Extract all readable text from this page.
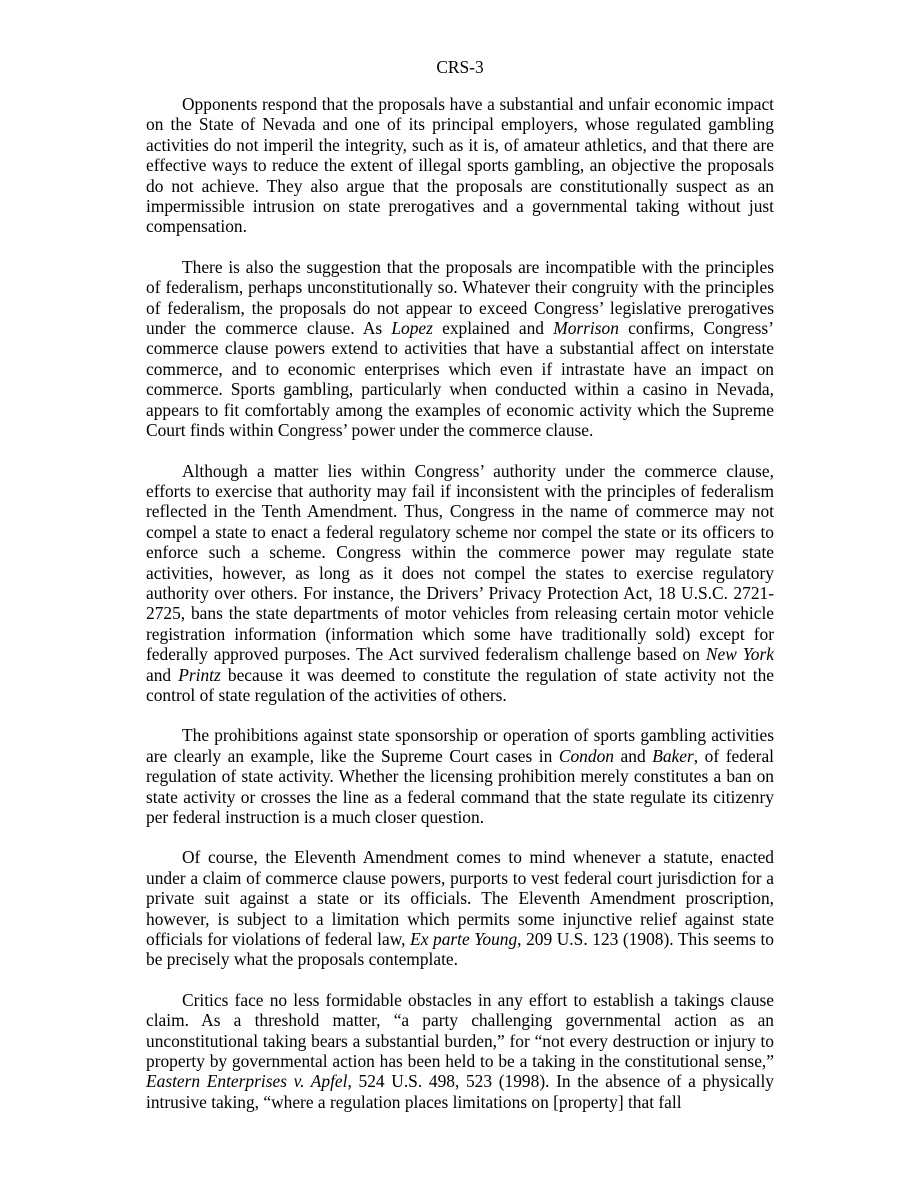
CRS-3

Opponents respond that the proposals have a substantial and unfair economic impact on the State of Nevada and one of its principal employers, whose regulated gambling activities do not imperil the integrity, such as it is, of amateur athletics, and that there are effective ways to reduce the extent of illegal sports gambling, an objective the proposals do not achieve. They also argue that the proposals are constitutionally suspect as an impermissible intrusion on state prerogatives and a governmental taking without just compensation.

There is also the suggestion that the proposals are incompatible with the principles of federalism, perhaps unconstitutionally so. Whatever their congruity with the principles of federalism, the proposals do not appear to exceed Congress’ legislative prerogatives under the commerce clause. As Lopez explained and Morrison confirms, Congress’ commerce clause powers extend to activities that have a substantial affect on interstate commerce, and to economic enterprises which even if intrastate have an impact on commerce. Sports gambling, particularly when conducted within a casino in Nevada, appears to fit comfortably among the examples of economic activity which the Supreme Court finds within Congress’ power under the commerce clause.

Although a matter lies within Congress’ authority under the commerce clause, efforts to exercise that authority may fail if inconsistent with the principles of federalism reflected in the Tenth Amendment. Thus, Congress in the name of commerce may not compel a state to enact a federal regulatory scheme nor compel the state or its officers to enforce such a scheme. Congress within the commerce power may regulate state activities, however, as long as it does not compel the states to exercise regulatory authority over others. For instance, the Drivers’ Privacy Protection Act, 18 U.S.C. 2721-2725, bans the state departments of motor vehicles from releasing certain motor vehicle registration information (information which some have traditionally sold) except for federally approved purposes. The Act survived federalism challenge based on New York and Printz because it was deemed to constitute the regulation of state activity not the control of state regulation of the activities of others.

The prohibitions against state sponsorship or operation of sports gambling activities are clearly an example, like the Supreme Court cases in Condon and Baker, of federal regulation of state activity. Whether the licensing prohibition merely constitutes a ban on state activity or crosses the line as a federal command that the state regulate its citizenry per federal instruction is a much closer question.

Of course, the Eleventh Amendment comes to mind whenever a statute, enacted under a claim of commerce clause powers, purports to vest federal court jurisdiction for a private suit against a state or its officials. The Eleventh Amendment proscription, however, is subject to a limitation which permits some injunctive relief against state officials for violations of federal law, Ex parte Young, 209 U.S. 123 (1908). This seems to be precisely what the proposals contemplate.

Critics face no less formidable obstacles in any effort to establish a takings clause claim. As a threshold matter, “a party challenging governmental action as an unconstitutional taking bears a substantial burden,” for “not every destruction or injury to property by governmental action has been held to be a taking in the constitutional sense,” Eastern Enterprises v. Apfel, 524 U.S. 498, 523 (1998). In the absence of a physically intrusive taking, “where a regulation places limitations on [property] that fall
